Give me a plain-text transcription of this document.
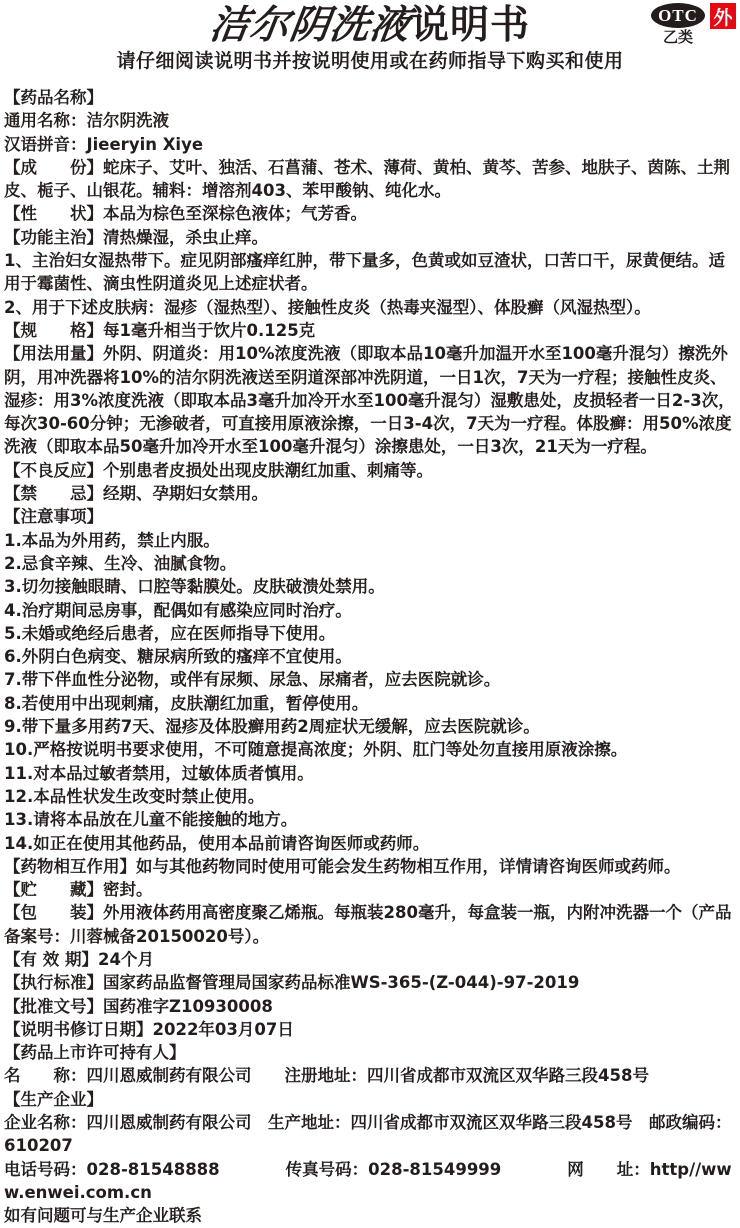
洁尔阴洗液说明书	OTC
乙类
外
请仔细阅读说明书并按说明使用或在药师指导下购买和使用

【药品名称】

通用名称：洁尔阴洗液

汉语拼音：Jieeryin Xiye

【成　　份】蛇床子、艾叶、独活、石菖蒲、苍术、薄荷、黄柏、黄芩、苦参、地肤子、茵陈、土荆皮、栀子、山银花。辅料：增溶剂403、苯甲酸钠、纯化水。

【性　　状】本品为棕色至深棕色液体；气芳香。

【功能主治】清热燥湿，杀虫止痒。

1、主治妇女湿热带下。症见阴部瘙痒红肿，带下量多，色黄或如豆渣状，口苦口干，尿黄便结。适用于霉菌性、滴虫性阴道炎见上述症状者。

2、用于下述皮肤病：湿疹（湿热型）、接触性皮炎（热毒夹湿型）、体股癣（风湿热型）。

【规　　格】每1毫升相当于饮片0.125克

【用法用量】外阴、阴道炎：用10%浓度洗液（即取本品10毫升加温开水至100毫升混匀）擦洗外阴，用冲洗器将10%的洁尔阴洗液送至阴道深部冲洗阴道，一日1次，7天为一疗程；接触性皮炎、湿疹：用3%浓度洗液（即取本品3毫升加冷开水至100毫升混匀）湿敷患处，皮损轻者一日2-3次，每次30-60分钟；无渗破者，可直接用原液涂擦，一日3-4次，7天为一疗程。体股癣：用50%浓度洗液（即取本品50毫升加冷开水至100毫升混匀）涂擦患处，一日3次，21天为一疗程。

【不良反应】个别患者皮损处出现皮肤潮红加重、刺痛等。

【禁　　忌】经期、孕期妇女禁用。

【注意事项】

1.本品为外用药，禁止内服。

2.忌食辛辣、生冷、油腻食物。

3.切勿接触眼睛、口腔等黏膜处。皮肤破溃处禁用。

4.治疗期间忌房事，配偶如有感染应同时治疗。

5.未婚或绝经后患者，应在医师指导下使用。

6.外阴白色病变、糖尿病所致的瘙痒不宜使用。

7.带下伴血性分泌物，或伴有尿频、尿急、尿痛者，应去医院就诊。

8.若使用中出现刺痛，皮肤潮红加重，暂停使用。

9.带下量多用药7天、湿疹及体股癣用药2周症状无缓解，应去医院就诊。

10.严格按说明书要求使用，不可随意提高浓度；外阴、肛门等处勿直接用原液涂擦。

11.对本品过敏者禁用，过敏体质者慎用。

12.本品性状发生改变时禁止使用。

13.请将本品放在儿童不能接触的地方。

14.如正在使用其他药品，使用本品前请咨询医师或药师。

【药物相互作用】如与其他药物同时使用可能会发生药物相互作用，详情请咨询医师或药师。

【贮　　藏】密封。

【包　　装】外用液体药用高密度聚乙烯瓶。每瓶装280毫升，每盒装一瓶，内附冲洗器一个（产品备案号：川蓉械备20150020号）。

【有 效 期】24个月

【执行标准】国家药品监督管理局国家药品标准WS-365-(Z-044)-97-2019

【批准文号】国药准字Z10930008

【说明书修订日期】2022年03月07日

【药品上市许可持有人】

名　　称：四川恩威制药有限公司　　注册地址：四川省成都市双流区双华路三段458号

【生产企业】

企业名称：四川恩威制药有限公司　生产地址：四川省成都市双流区双华路三段458号　邮政编码：610207

电话号码：028-81548888　　　　传真号码：028-81549999　　　　网　　址：http//www.enwei.com.cn

如有问题可与生产企业联系
